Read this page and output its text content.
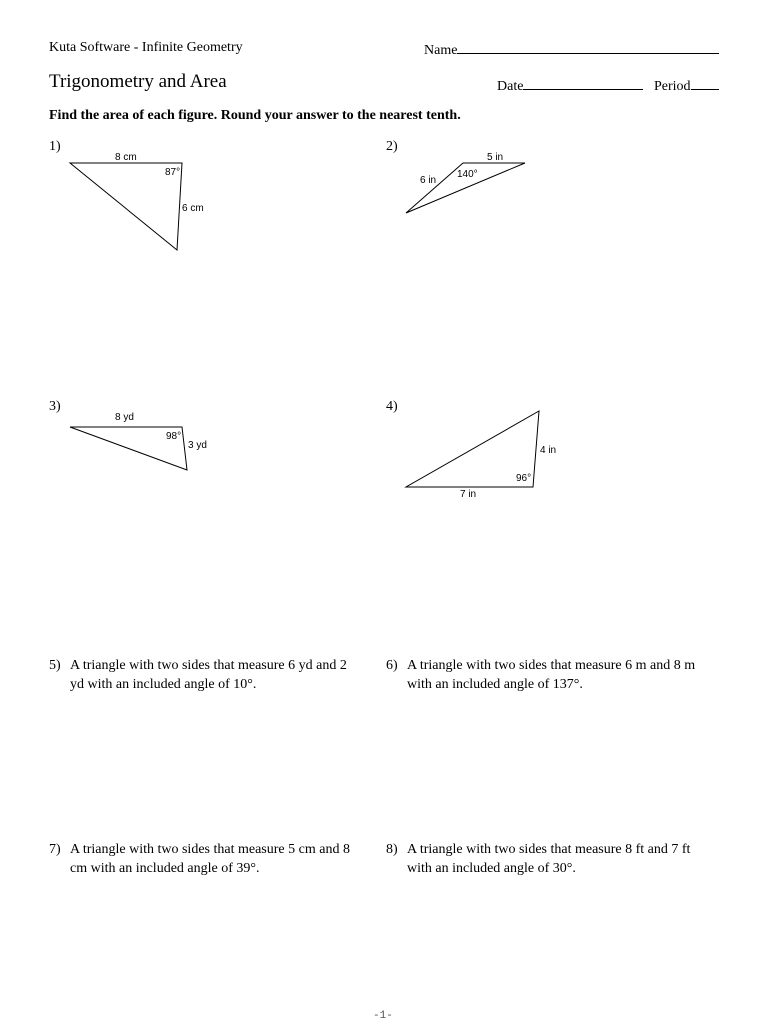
Kuta Software - Infinite Geometry	Name
Trigonometry and Area	Date	Period
Find the area of each figure. Round your answer to the nearest tenth.
1)	2)
3)	4)
8 cm
6 cm
87°
5 in
6 in
140°
8 yd
3 yd
98°
7 in
4 in
96°
5) A triangle with two sides that measure 6 yd and 2 yd with an included angle of 10°.
6) A triangle with two sides that measure 6 m and 8 m with an included angle of 137°.
7) A triangle with two sides that measure 5 cm and 8 cm with an included angle of 39°.
8) A triangle with two sides that measure 8 ft and 7 ft with an included angle of 30°.
-1-
